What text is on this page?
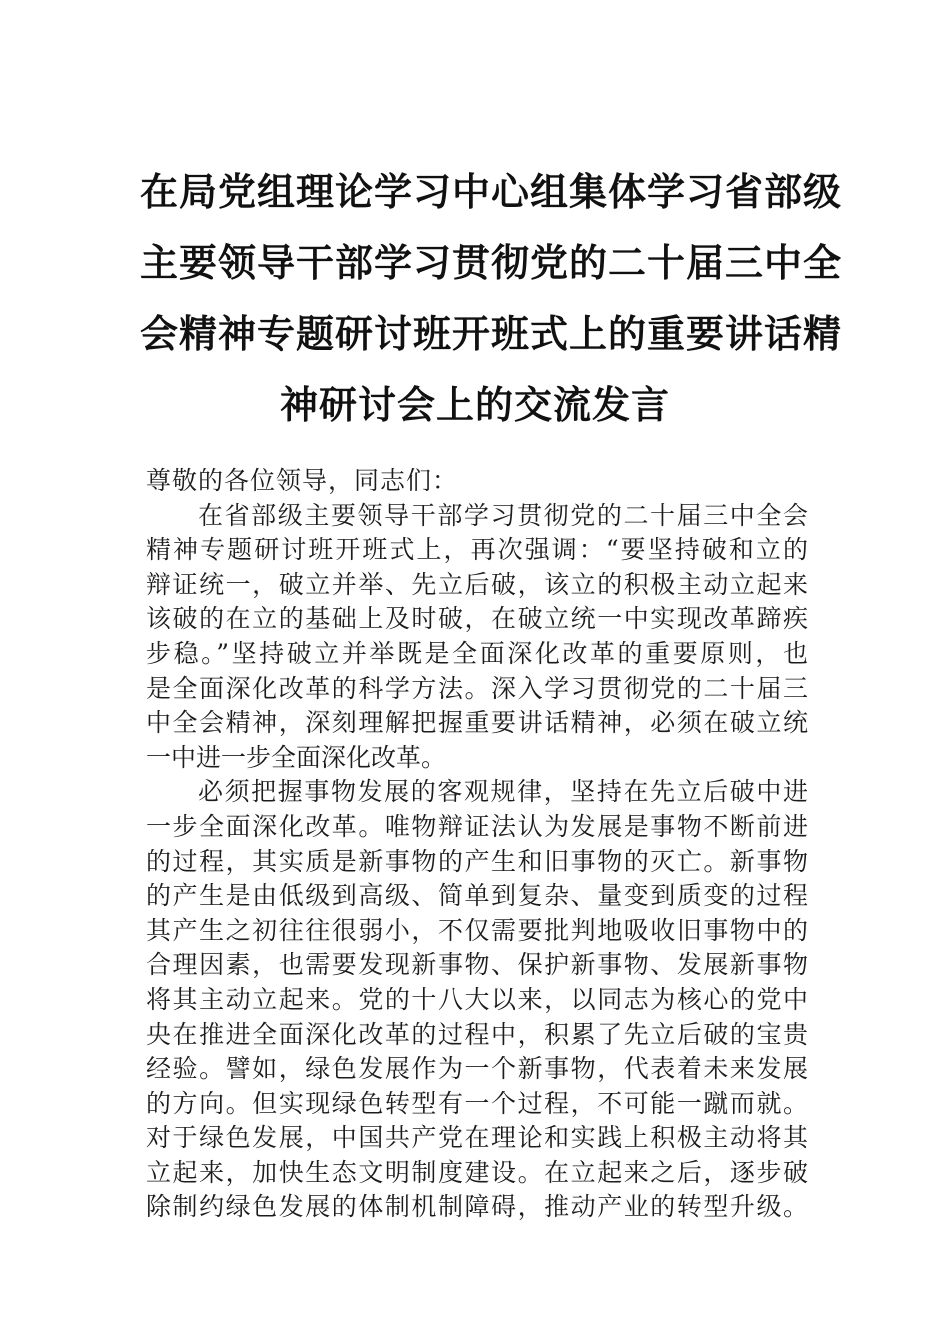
在局党组理论学习中心组集体学习省部级
主要领导干部学习贯彻党的二十届三中全
会精神专题研讨班开班式上的重要讲话精
神研讨会上的交流发言
尊敬的各位领导，同志们：
在省部级主要领导干部学习贯彻党的二十届三中全会
精神专题研讨班开班式上，再次强调：“要坚持破和立的
辩证统一，破立并举、先立后破，该立的积极主动立起来
该破的在立的基础上及时破，在破立统一中实现改革蹄疾
步稳。”坚持破立并举既是全面深化改革的重要原则，也
是全面深化改革的科学方法。深入学习贯彻党的二十届三
中全会精神，深刻理解把握重要讲话精神，必须在破立统
一中进一步全面深化改革。
必须把握事物发展的客观规律，坚持在先立后破中进
一步全面深化改革。唯物辩证法认为发展是事物不断前进
的过程，其实质是新事物的产生和旧事物的灭亡。新事物
的产生是由低级到高级、简单到复杂、量变到质变的过程
其产生之初往往很弱小，不仅需要批判地吸收旧事物中的
合理因素，也需要发现新事物、保护新事物、发展新事物
将其主动立起来。党的十八大以来，以同志为核心的党中
央在推进全面深化改革的过程中，积累了先立后破的宝贵
经验。譬如，绿色发展作为一个新事物，代表着未来发展
的方向。但实现绿色转型有一个过程，不可能一蹴而就。
对于绿色发展，中国共产党在理论和实践上积极主动将其
立起来，加快生态文明制度建设。在立起来之后，逐步破
除制约绿色发展的体制机制障碍，推动产业的转型升级。
